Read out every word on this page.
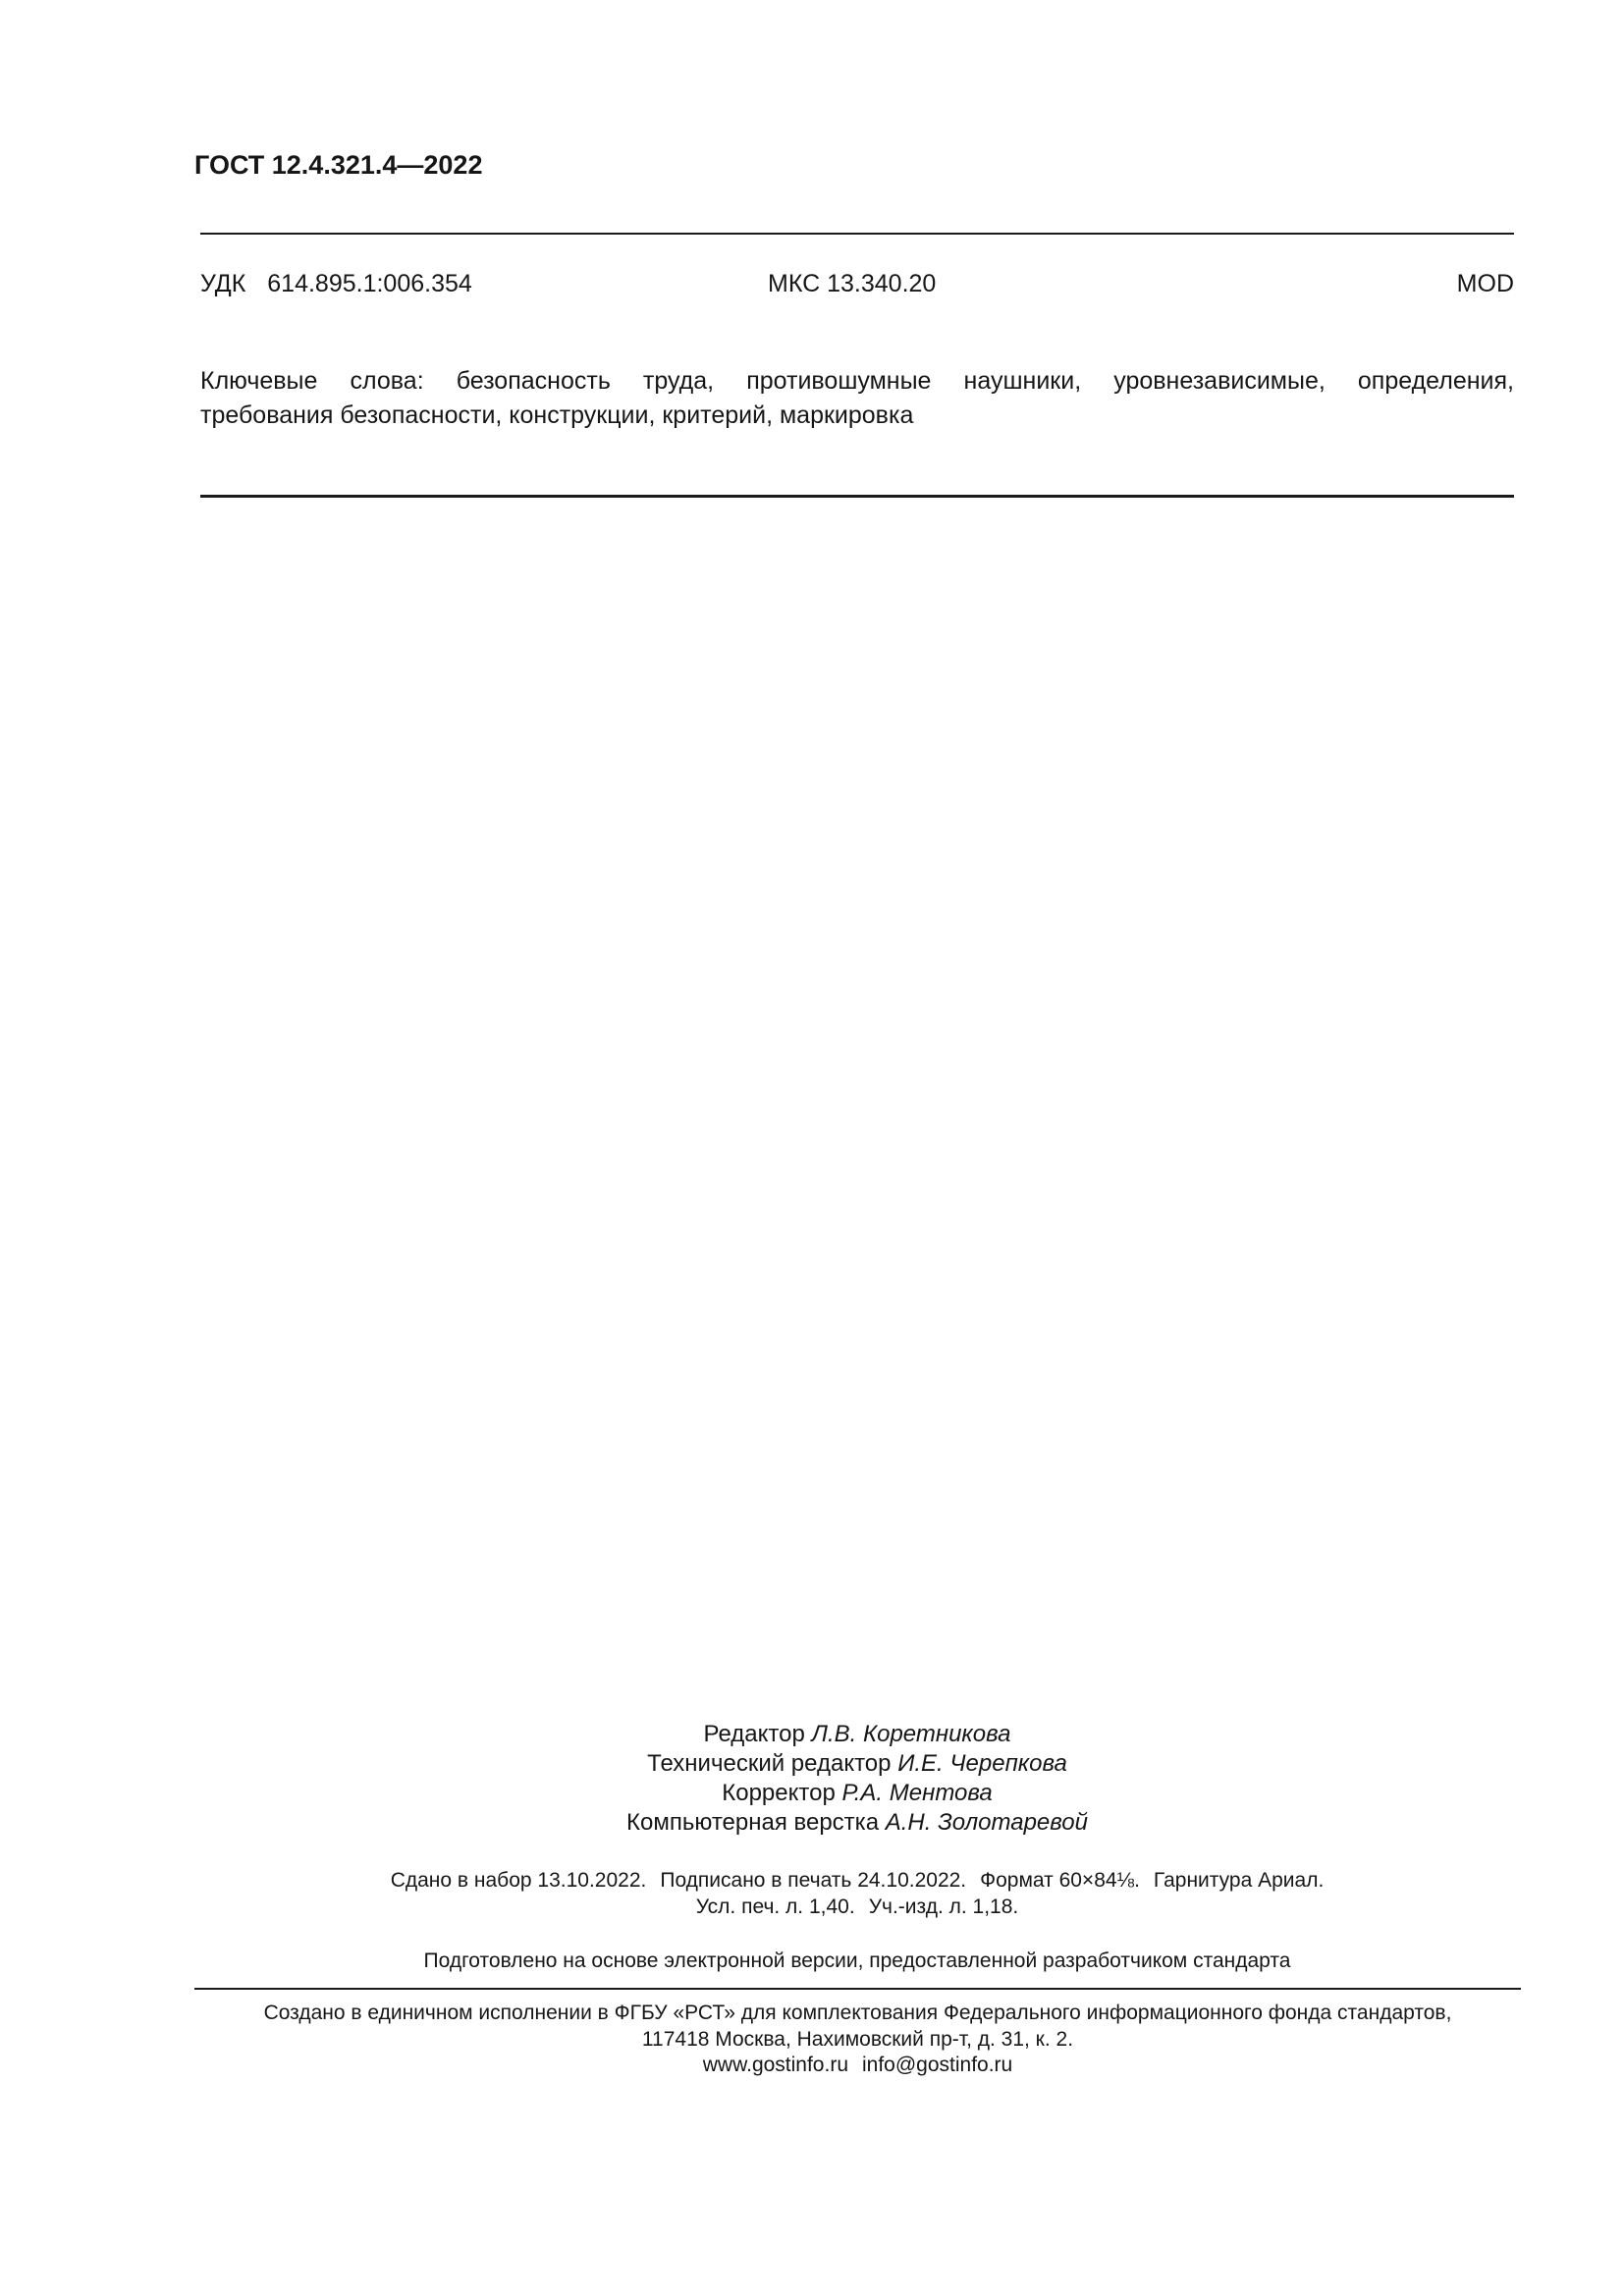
ГОСТ 12.4.321.4—2022
УДК 614.895.1:006.354	МКС 13.340.20	MOD
Ключевые слова: безопасность труда, противошумные наушники, уровнезависимые, определения,
требования безопасности, конструкции, критерий, маркировка
Редактор Л.В. Коретникова
Технический редактор И.Е. Черепкова
Корректор Р.А. Ментова
Компьютерная верстка А.Н. Золотаревой
Сдано в набор 13.10.2022. Подписано в печать 24.10.2022. Формат 60×84⅛. Гарнитура Ариал.
Усл. печ. л. 1,40. Уч.-изд. л. 1,18.
Подготовлено на основе электронной версии, предоставленной разработчиком стандарта
Создано в единичном исполнении в ФГБУ «РСТ» для комплектования Федерального информационного фонда стандартов,
117418 Москва, Нахимовский пр-т, д. 31, к. 2.
www.gostinfo.ru info@gostinfo.ru
